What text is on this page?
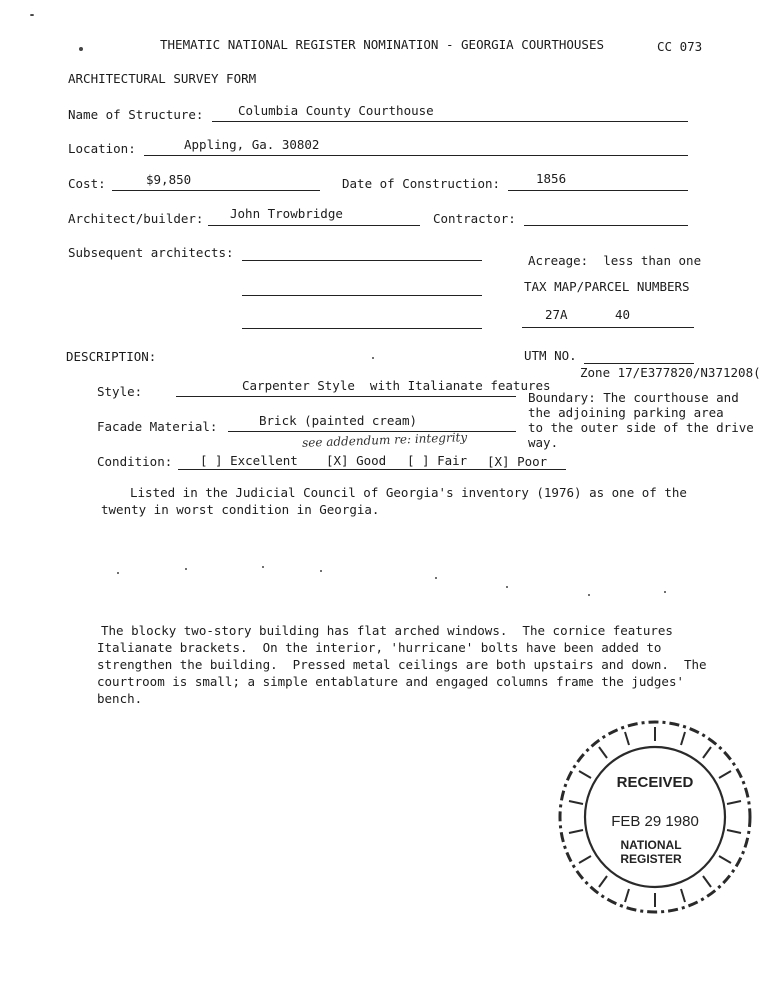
THEMATIC NATIONAL REGISTER NOMINATION - GEORGIA COURTHOUSES	CC 073
ARCHITECTURAL SURVEY FORM
Name of Structure:	Columbia County Courthouse
Location:	Appling, Ga. 30802
Cost:	$9,850	Date of Construction:	1856
Architect/builder: John Trowbridge	Contractor:
Subsequent architects:
Acreage:  less than one
TAX MAP/PARCEL NUMBERS
27A	40
DESCRIPTION:	UTM NO.
Zone 17/E377820/N371208(
Style:	Carpenter Style  with Italianate features
Boundary: The courthouse and
the adjoining parking area
to the outer side of the drive
way.
Facade Material:	Brick (painted cream)
see addendum re: integrity
Condition: [ ] Excellent [X] Good [ ] Fair [X] Poor
Listed in the Judicial Council of Georgia's inventory (1976) as one of the
twenty in worst condition in Georgia.
The blocky two-story building has flat arched windows.  The cornice features
Italianate brackets.  On the interior, 'hurricane' bolts have been added to
strengthen the building.  Pressed metal ceilings are both upstairs and down.  The
courtroom is small; a simple entablature and engaged columns frame the judges'
bench.
RECEIVED
FEB 29 1980
NATIONAL
REGISTER
